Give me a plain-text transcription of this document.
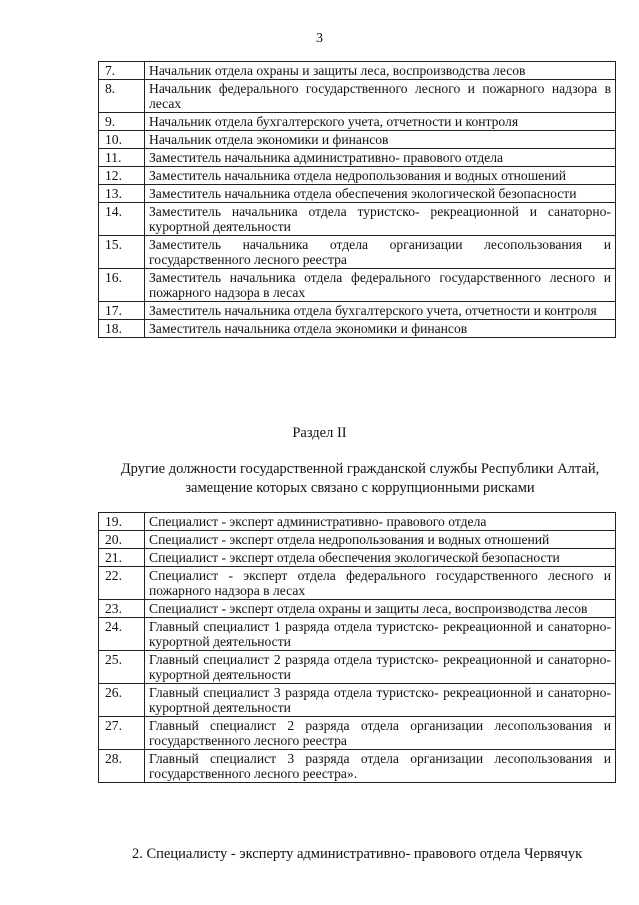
3
7.	Начальник отдела охраны и защиты леса, воспроизводства лесов
8.	Начальник федерального государственного лесного и пожарного надзора в лесах
9.	Начальник отдела бухгалтерского учета, отчетности и контроля
10.	Начальник отдела экономики и финансов
11.	Заместитель начальника административно- правового отдела
12.	Заместитель начальника отдела недропользования и водных отношений
13.	Заместитель начальника отдела обеспечения экологической безопасности
14.	Заместитель начальника отдела туристско- рекреационной и санаторно- курортной деятельности
15.	Заместитель начальника отдела организации лесопользования и государственного лесного реестра
16.	Заместитель начальника отдела федерального государственного лесного и пожарного надзора в лесах
17.	Заместитель начальника отдела бухгалтерского учета, отчетности и контроля
18.	Заместитель начальника отдела экономики и финансов
Раздел II
Другие должности государственной гражданской службы Республики Алтай, замещение которых связано с коррупционными рисками
19.	Специалист - эксперт административно- правового отдела
20.	Специалист - эксперт отдела недропользования и водных отношений
21.	Специалист - эксперт отдела обеспечения экологической безопасности
22.	Специалист - эксперт отдела федерального государственного лесного и пожарного надзора в лесах
23.	Специалист - эксперт отдела охраны и защиты леса, воспроизводства лесов
24.	Главный специалист 1 разряда отдела туристско- рекреационной и санаторно- курортной деятельности
25.	Главный специалист 2 разряда отдела туристско- рекреационной и санаторно- курортной деятельности
26.	Главный специалист 3 разряда отдела туристско- рекреационной и санаторно- курортной деятельности
27.	Главный специалист 2 разряда отдела организации лесопользования и государственного лесного реестра
28.	Главный специалист 3 разряда отдела организации лесопользования и государственного лесного реестра».
2. Специалисту - эксперту административно- правового отдела Червячук
